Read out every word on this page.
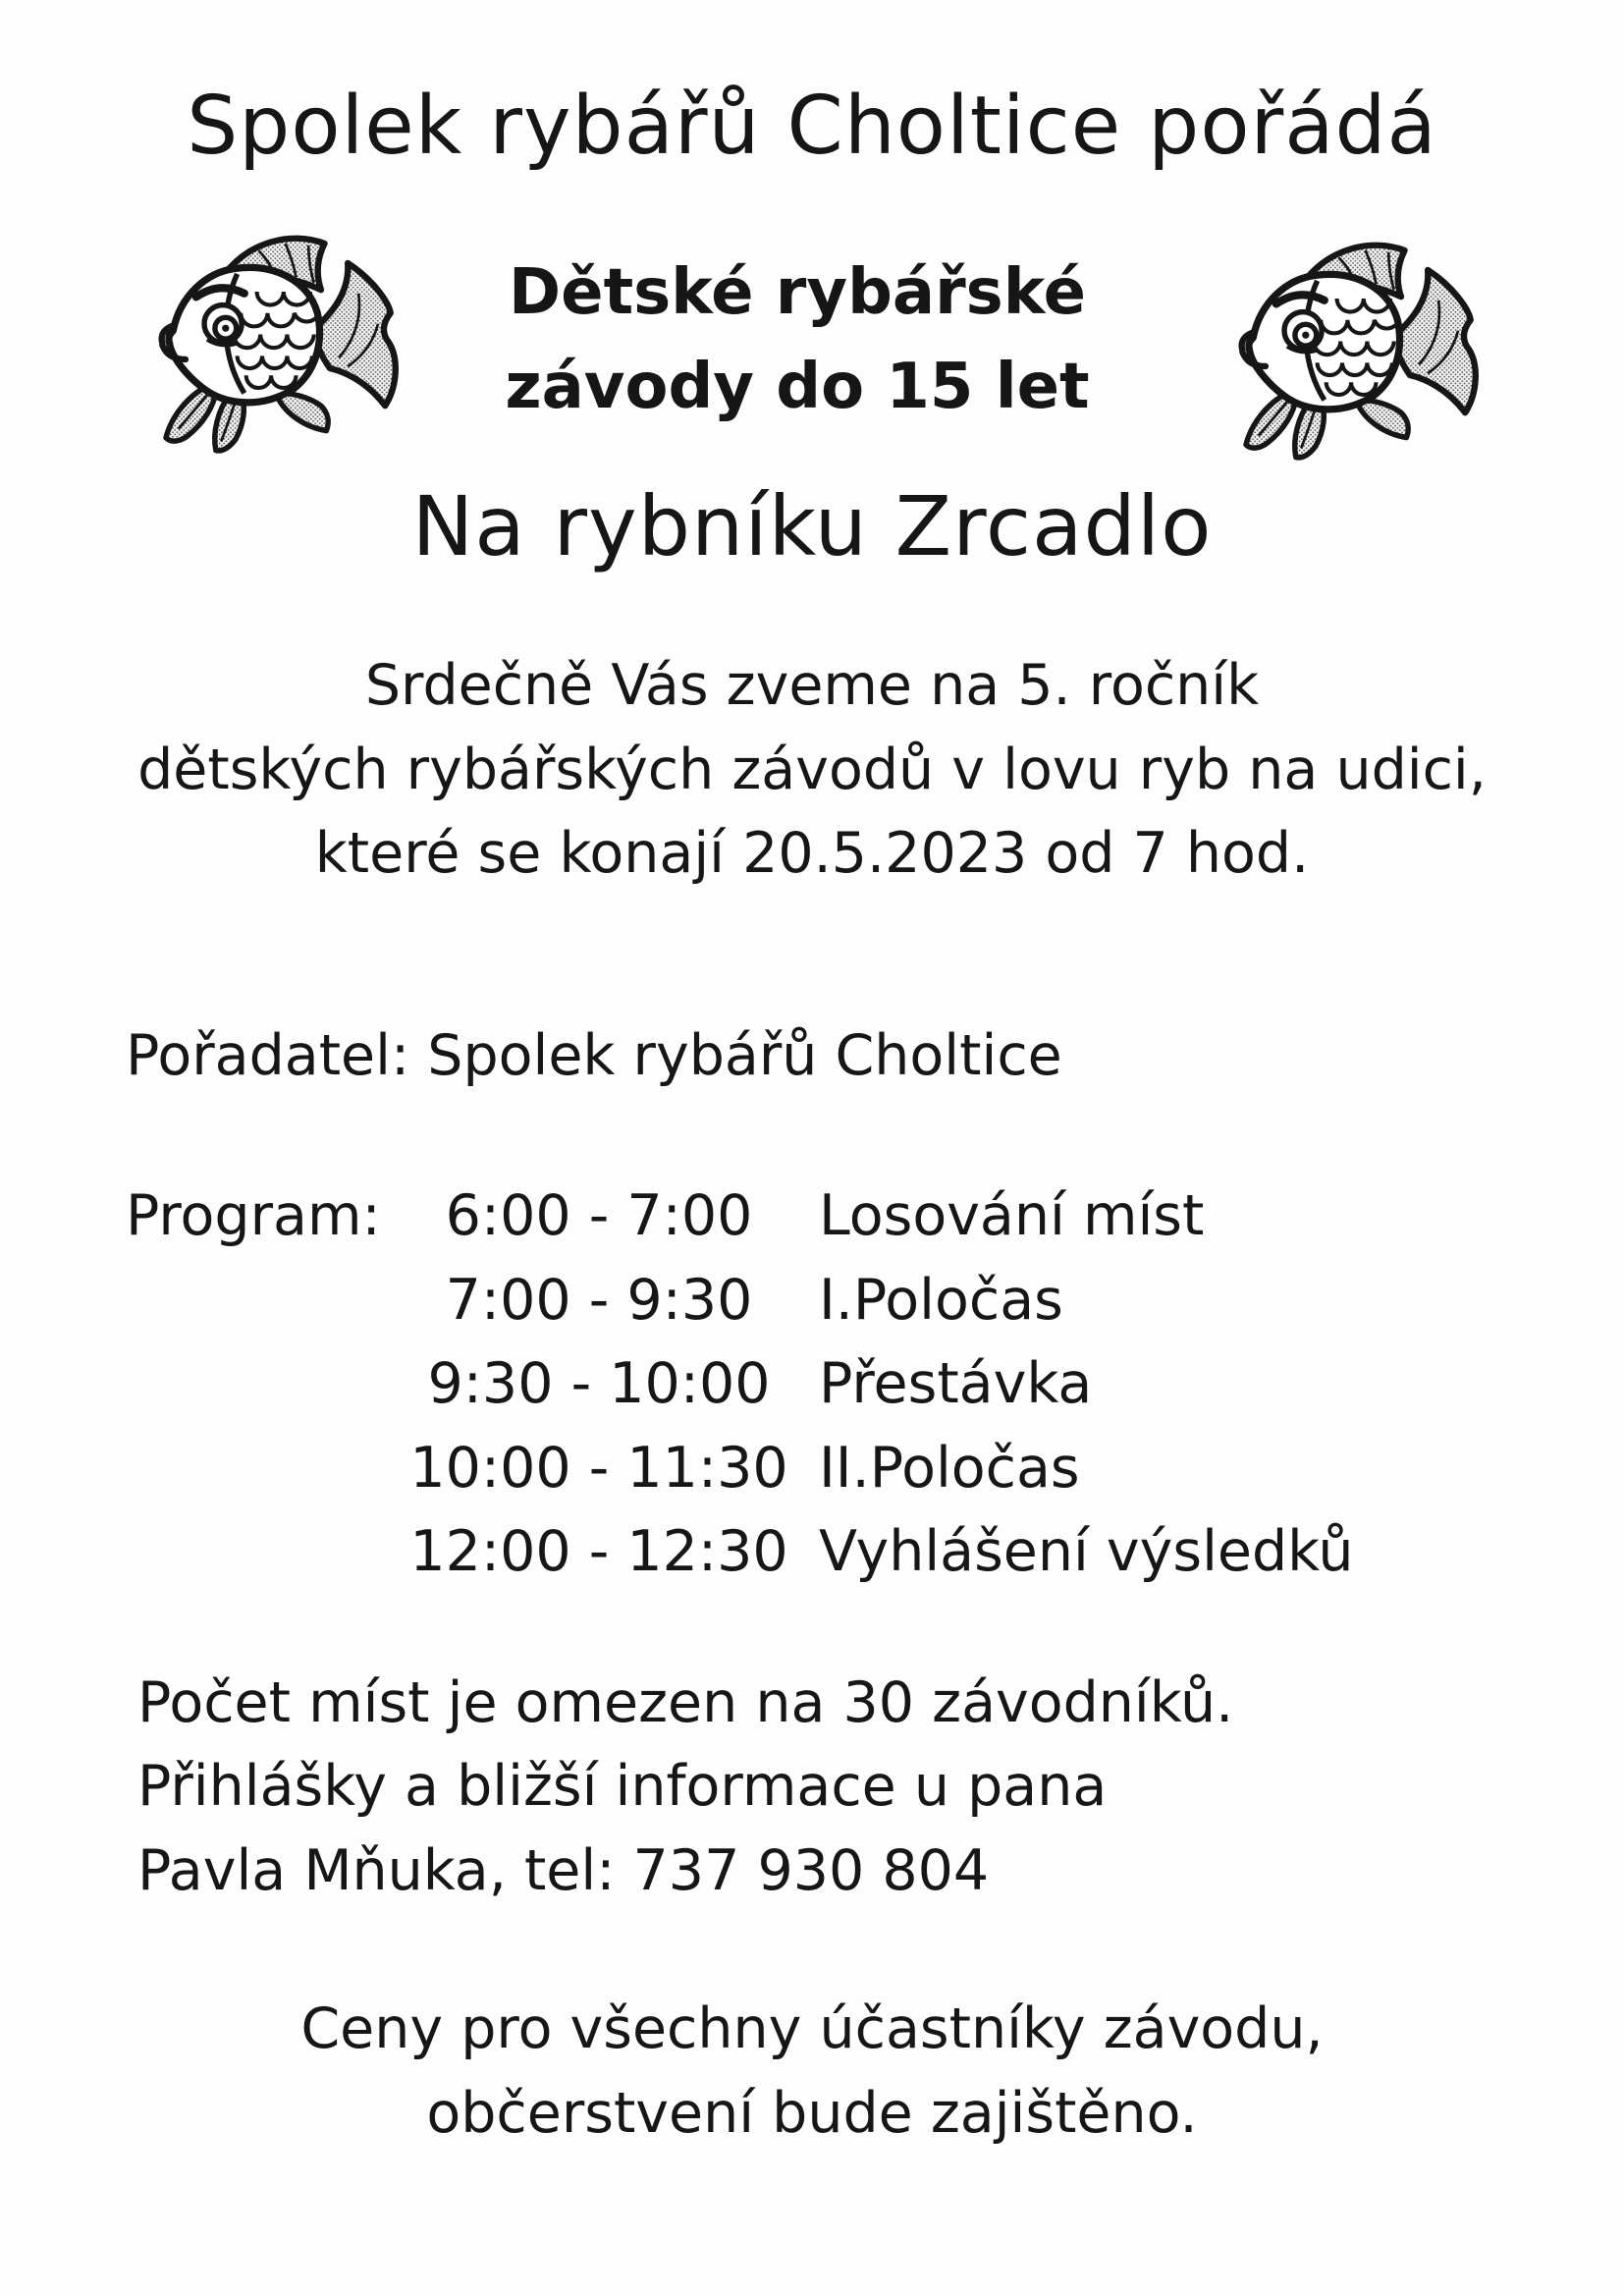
Spolek rybářů Choltice pořádá
Dětské rybářské
závody do 15 let
Na rybníku Zrcadlo
Srdečně Vás zveme na 5. ročník
dětských rybářských závodů v lovu ryb na udici,
které se konají 20.5.2023 od 7 hod.
Pořadatel: Spolek rybářů Choltice
Program:	6:00 - 7:00	Losování míst
7:00 - 9:30	I.Poločas
9:30 - 10:00 Přestávka
10:00 - 11:30 II.Poločas
12:00 - 12:30 Vyhlášení výsledků
Počet míst je omezen na 30 závodníků.
Přihlášky a bližší informace u pana
Pavla Mňuka, tel: 737 930 804
Ceny pro všechny účastníky závodu,
občerstvení bude zajištěno.
